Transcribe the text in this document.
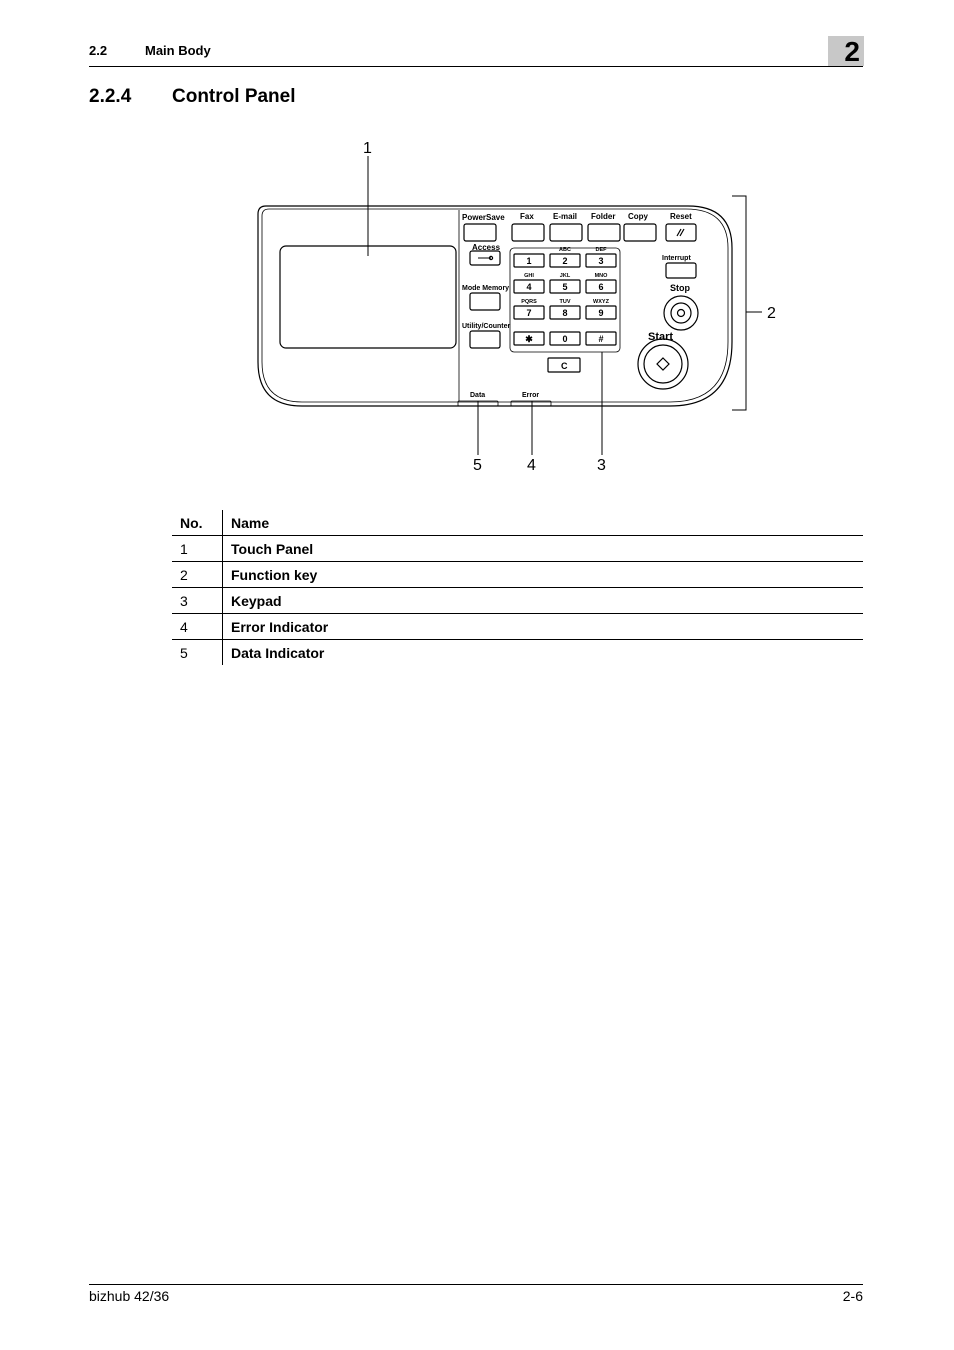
2.2	Main Body	2
2.2.4 Control Panel
PowerSave Fax E-mail Folder Copy	Reset
Access
Mode Memory
Utility/Counter
Interrupt
Stop
Start
Data	Error
C
1	2
ABC
3
DEF
4
GHI
5
JKL
6
MNO
7
PQRS
8
TUV
9
WXYZ
✱	0	#
1
2
3
4
5
No.	Name
1	Touch Panel
2	Function key
3	Keypad
4	Error Indicator
5	Data Indicator
bizhub 42/36	2-6
